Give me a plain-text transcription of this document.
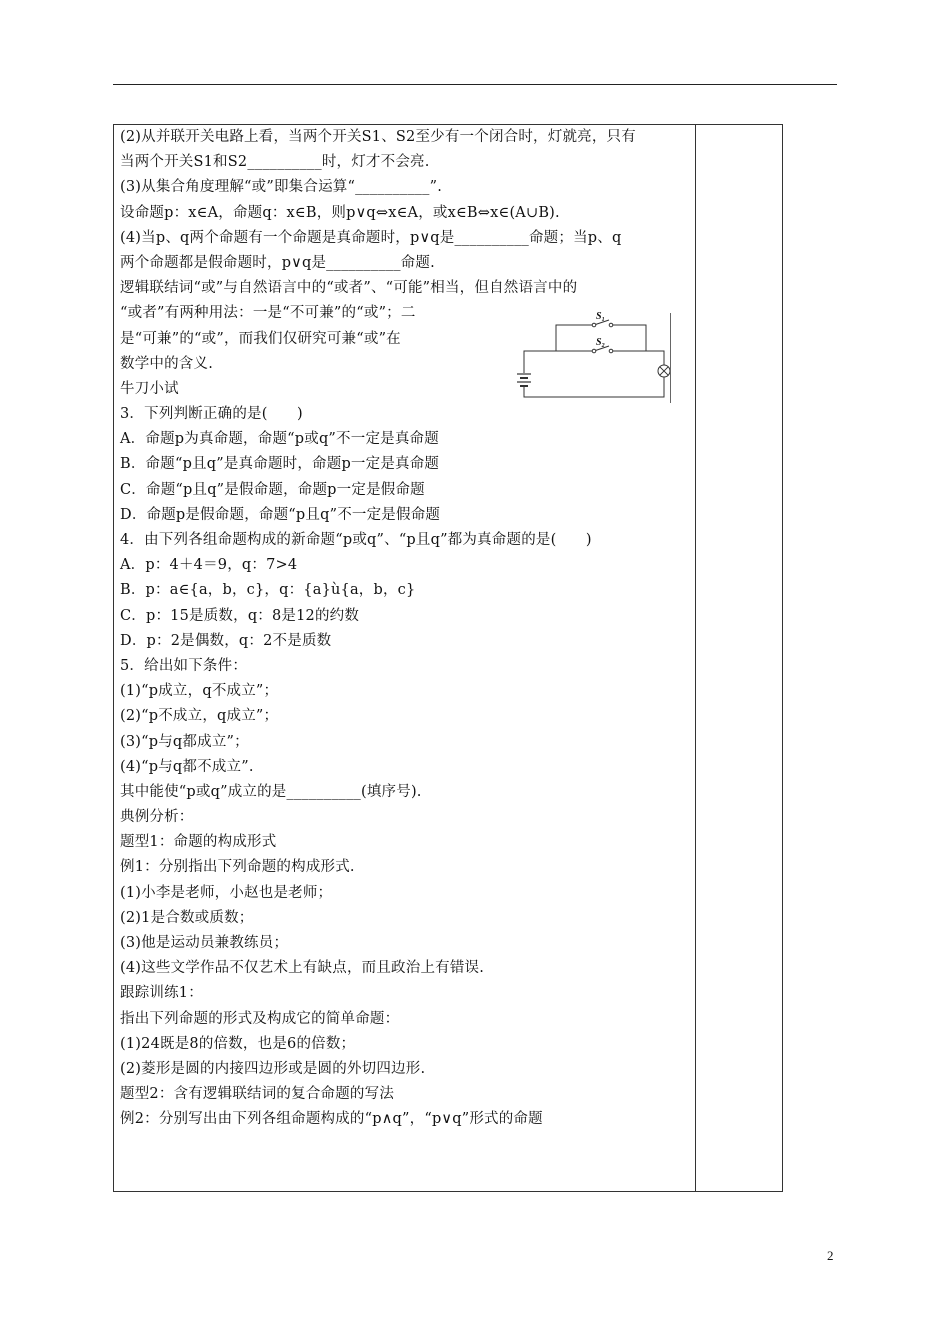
(2)从并联开关电路上看，当两个开关S1、S2至少有一个闭合时，灯就亮，只有
当两个开关S1和S2__________时，灯才不会亮.
(3)从集合角度理解“或”即集合运算“__________”.
设命题p：x∈A，命题q：x∈B，则p∨q⇔x∈A，或x∈B⇔x∈(A∪B).
(4)当p、q两个命题有一个命题是真命题时，p∨q是__________命题；当p、q
两个命题都是假命题时，p∨q是__________命题.
逻辑联结词“或”与自然语言中的“或者”、“可能”相当，但自然语言中的
“或者”有两种用法：一是“不可兼”的“或”；二
是“可兼”的“或”，而我们仅研究可兼“或”在
数学中的含义.
牛刀小试
3．下列判断正确的是(　　)
A．命题p为真命题，命题“p或q”不一定是真命题
B．命题“p且q”是真命题时，命题p一定是真命题
C．命题“p且q”是假命题，命题p一定是假命题
D．命题p是假命题，命题“p且q”不一定是假命题
4．由下列各组命题构成的新命题“p或q”、“p且q”都为真命题的是(　　)
A．p：4＋4＝9，q：7>4
B．p：a∈{a，b，c}，q：{a}ù{a，b，c}
C．p：15是质数，q：8是12的约数
D．p：2是偶数，q：2不是质数
5．给出如下条件：
(1)“p成立，q不成立”；
(2)“p不成立，q成立”；
(3)“p与q都成立”；
(4)“p与q都不成立”.
其中能使“p或q”成立的是__________(填序号).
典例分析：
题型1：命题的构成形式
例1：分别指出下列命题的构成形式.
(1)小李是老师，小赵也是老师；
(2)1是合数或质数；
(3)他是运动员兼教练员；
(4)这些文学作品不仅艺术上有缺点，而且政治上有错误.
跟踪训练1：
指出下列命题的形式及构成它的简单命题：
(1)24既是8的倍数，也是6的倍数；
(2)菱形是圆的内接四边形或是圆的外切四边形.
题型2：含有逻辑联结词的复合命题的写法
例2：分别写出由下列各组命题构成的“p∧q”，“p∨q”形式的命题
$S_1$
$S_2$
2
